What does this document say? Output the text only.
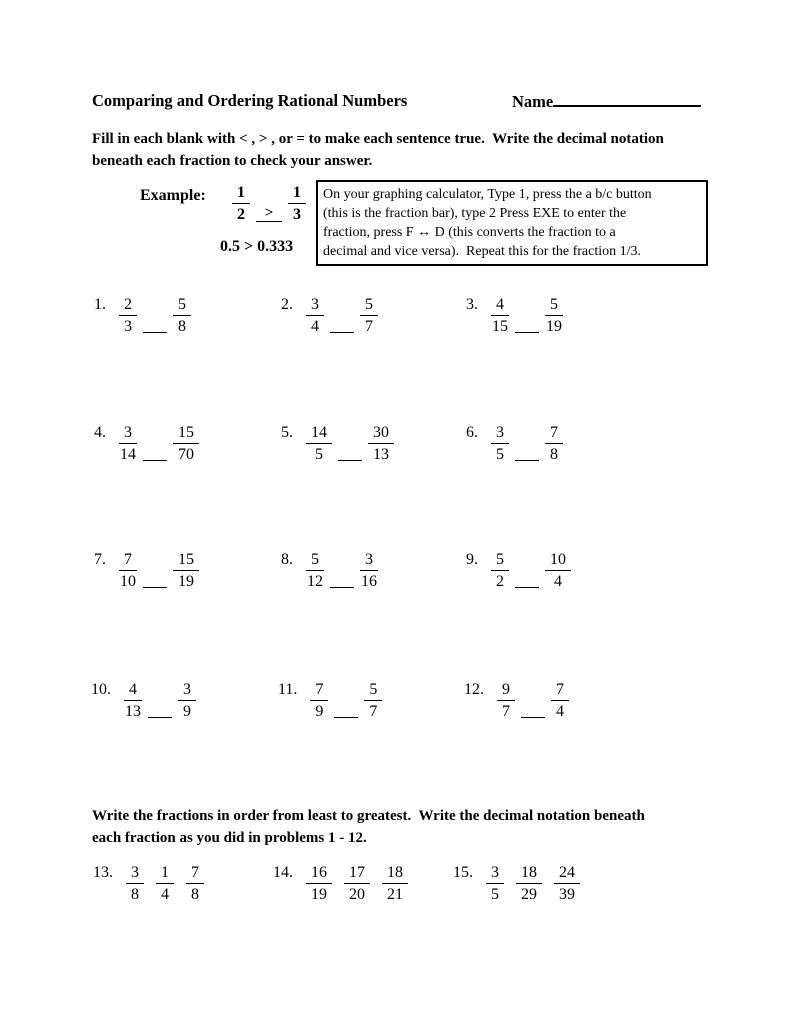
Comparing and Ordering Rational Numbers	Name
Fill in each blank with < , > , or = to make each sentence true.  Write the decimal notation
beneath each fraction to check your answer.
Example: $\frac{1}{2} > \frac{1}{3}$
0.5 > 0.333
On your graphing calculator, Type 1, press the a b/c button
(this is the fraction bar), type 2 Press EXE to enter the
fraction, press F ↔ D (this converts the fraction to a
decimal and vice versa).  Repeat this for the fraction 1/3.
1. $\frac{2}{3} \frac{5}{8}$	2. $\frac{3}{4} \frac{5}{7}$	3. $\frac{4}{15} \frac{5}{19}$
4. $\frac{3}{14} \frac{15}{70}$	5. $\frac{14}{5} \frac{30}{13}$	6. $\frac{3}{5} \frac{7}{8}$
7. $\frac{7}{10} \frac{15}{19}$	8. $\frac{5}{12} \frac{3}{16}$	9. $\frac{5}{2} \frac{10}{4}$
10. $\frac{4}{13} \frac{3}{9}$	11. $\frac{7}{9} \frac{5}{7}$	12. $\frac{9}{7} \frac{7}{4}$
Write the fractions in order from least to greatest.  Write the decimal notation beneath
each fraction as you did in problems 1 - 12.
13. $\frac{3}{8} \frac{1}{4} \frac{7}{8}$	14. $\frac{16}{19} \frac{17}{20} \frac{18}{21}$	15. $\frac{3}{5} \frac{18}{29} \frac{24}{39}$
